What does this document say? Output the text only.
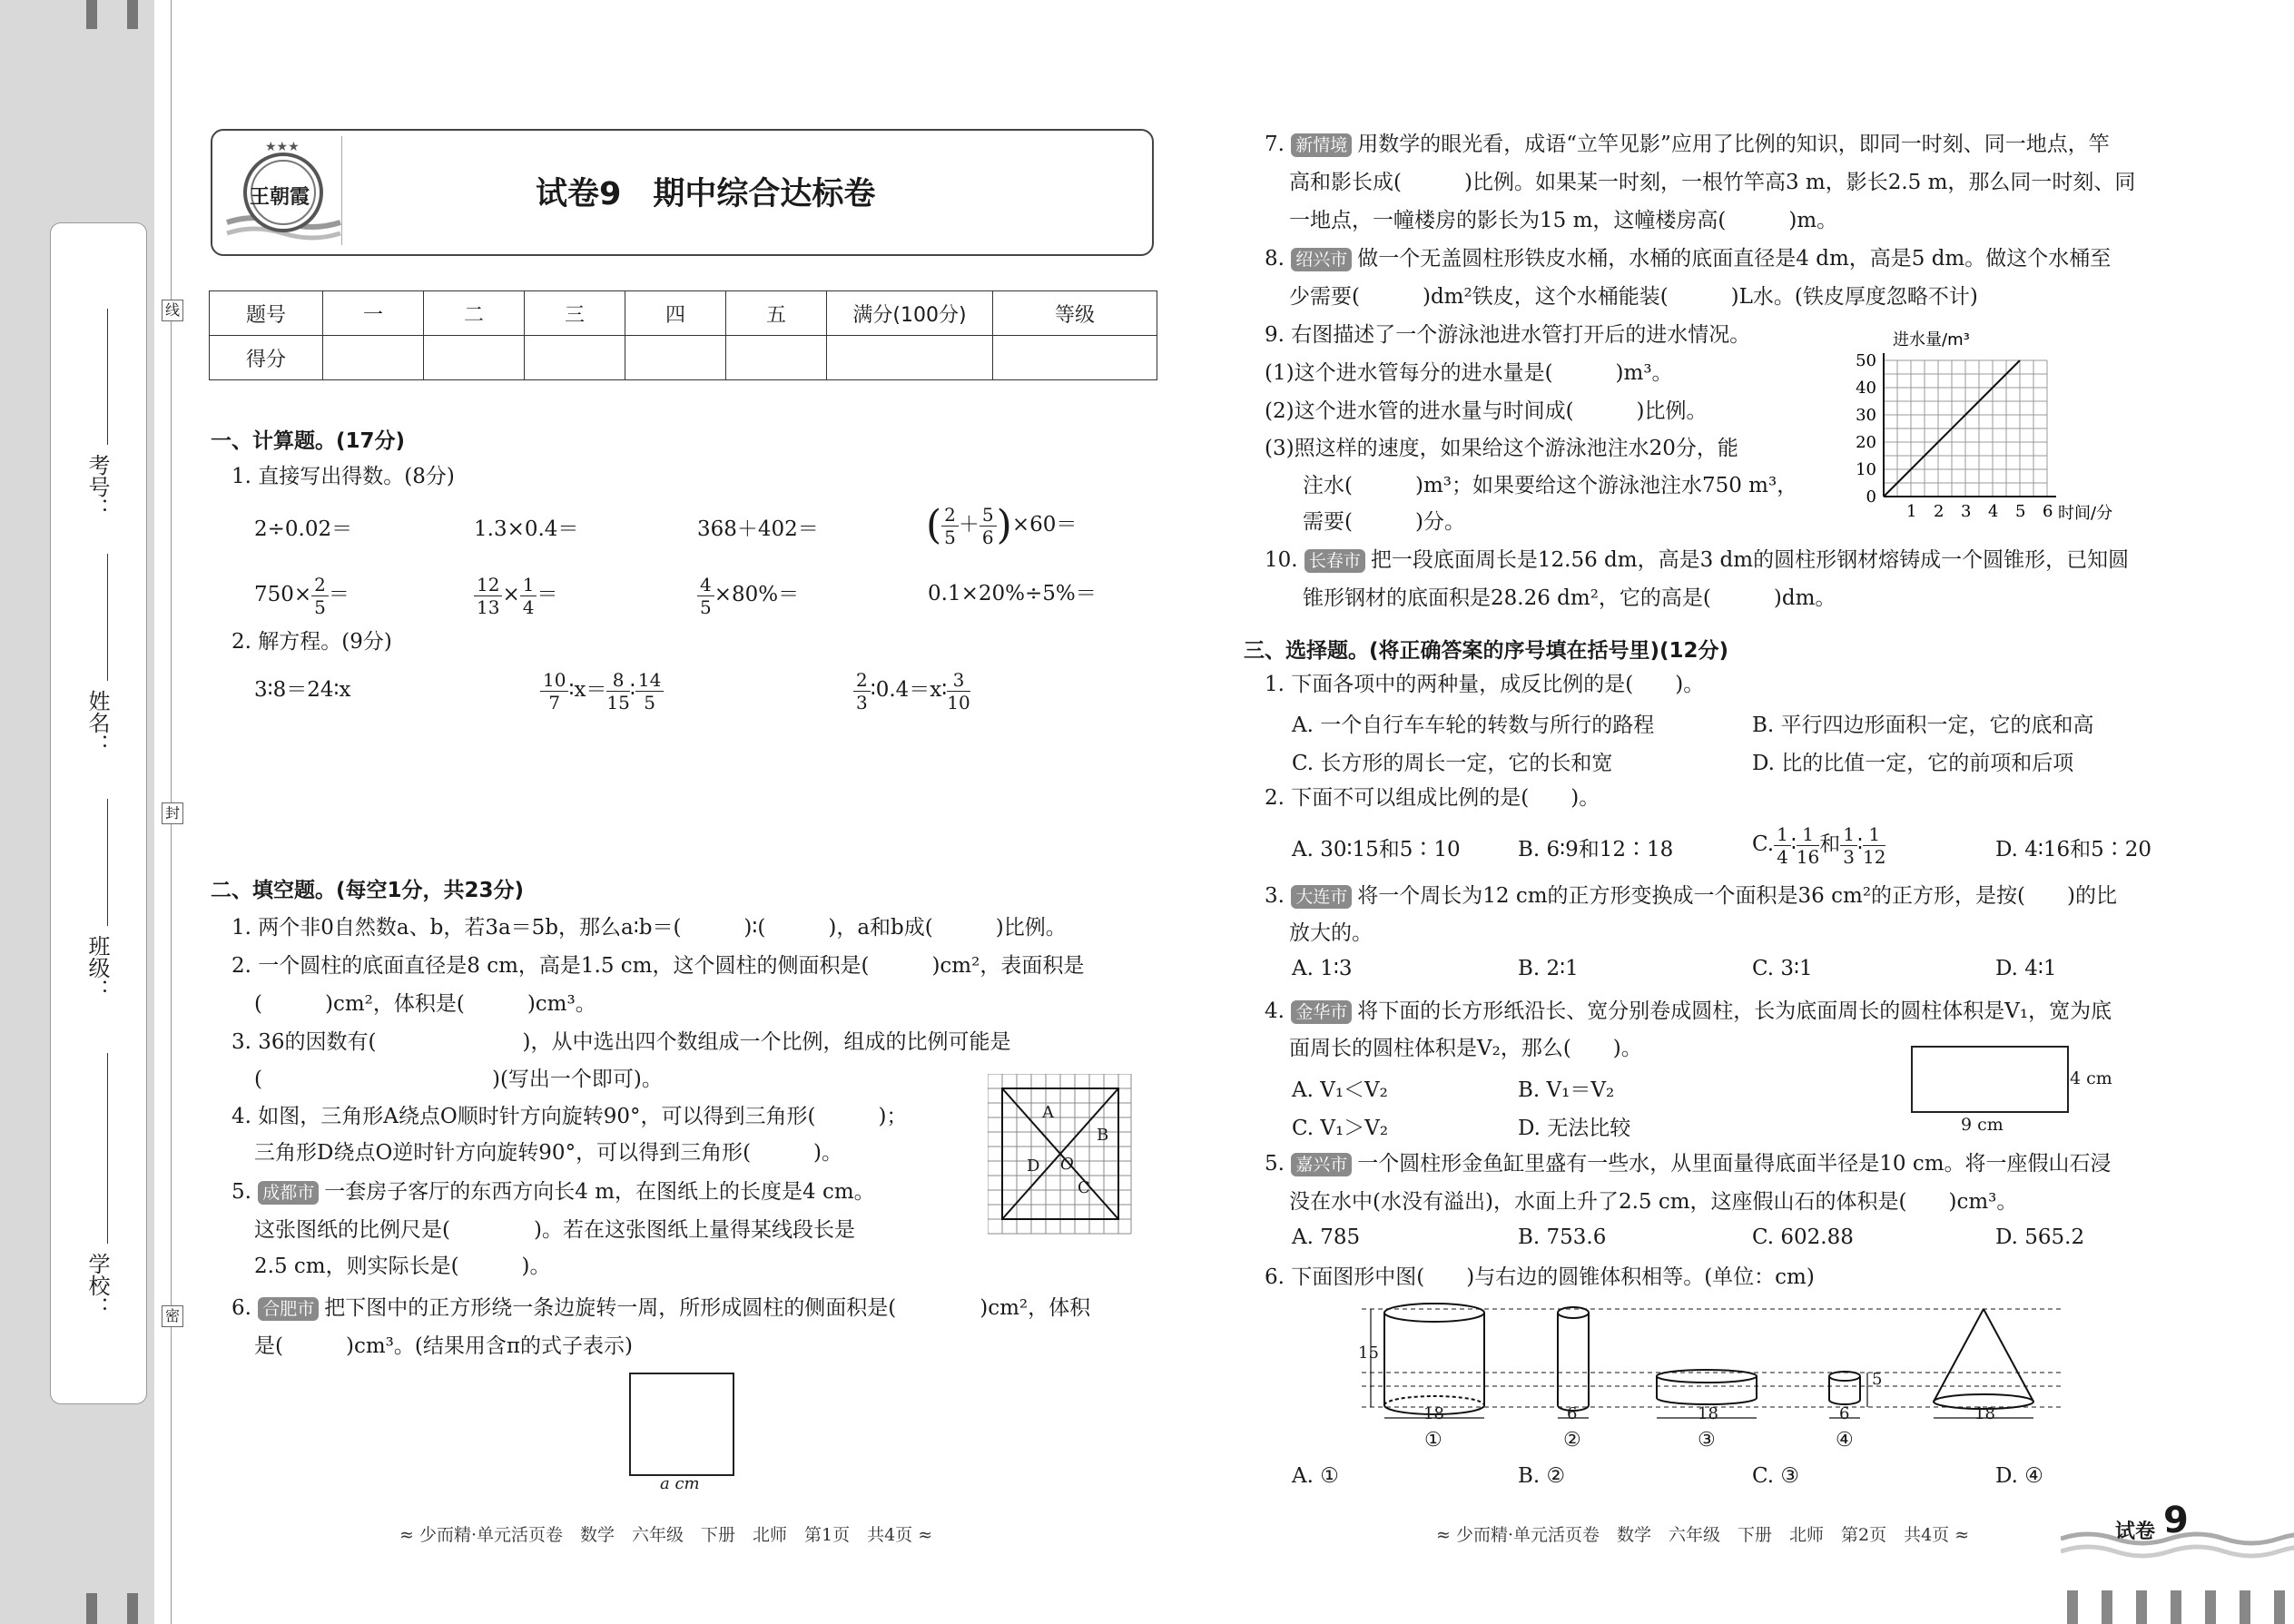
考号：
姓名：
班级：
学校：
线
封
密
★★★
王朝霞	试卷9　期中综合达标卷
题号	一	二	三	四	五	满分(100分)	等级
得分							
一、计算题。(17分)
1. 直接写出得数。(8分)
2÷0.02＝	1.3×0.4＝	368＋402＝	( $\frac{2}{5} + \frac{5}{6} )\times 60=$
$750\times \frac{2}{5}$ ＝	$\frac{12}{13} \times \frac{1}{4}$ ＝	$\frac{4}{5} \times 80\%=$	0.1×20%÷5%＝
2. 解方程。(9分)
3∶8＝24∶x	$\frac{10}{7}$ ∶x＝ $\frac{8}{15}$ ∶ $\frac{14}{5}$	$\frac{2}{3}$ ∶0.4＝x∶ $\frac{3}{10}$
二、填空题。(每空1分，共23分)
1. 两个非0自然数a、b，若3a＝5b，那么a∶b＝(　　　)∶(　　　)，a和b成(　　　)比例。
2. 一个圆柱的底面直径是8 cm，高是1.5 cm，这个圆柱的侧面积是(　　　)cm²，表面积是
(　　　)cm²，体积是(　　　)cm³。
3. 36的因数有(　　　　　　　)，从中选出四个数组成一个比例，组成的比例可能是
(　　　　　　　　　　　)(写出一个即可)。
4. 如图，三角形A绕点O顺时针方向旋转90°，可以得到三角形(　　　)；
三角形D绕点O逆时针方向旋转90°，可以得到三角形(　　　)。
5. 成都市 一套房子客厅的东西方向长4 m，在图纸上的长度是4 cm。
这张图纸的比例尺是(　　　　)。若在这张图纸上量得某线段长是
2.5 cm，则实际长是(　　　)。
6. 合肥市 把下图中的正方形绕一条边旋转一周，所形成圆柱的侧面积是(　　　　)cm²，体积
是(　　　)cm³。(结果用含π的式子表示)
A
B
C
D O
a cm
≈ 少而精·单元活页卷　数学　六年级　下册　北师　第1页　共4页 ≈
7. 新情境 用数学的眼光看，成语“立竿见影”应用了比例的知识，即同一时刻、同一地点，竿
高和影长成(　　　)比例。如果某一时刻，一根竹竿高3 m，影长2.5 m，那么同一时刻、同
一地点，一幢楼房的影长为15 m，这幢楼房高(　　　)m。
8. 绍兴市 做一个无盖圆柱形铁皮水桶，水桶的底面直径是4 dm，高是5 dm。做这个水桶至
少需要(　　　)dm²铁皮，这个水桶能装(　　　)L水。(铁皮厚度忽略不计)
9. 右图描述了一个游泳池进水管打开后的进水情况。
(1)这个进水管每分的进水量是(　　　)m³。
(2)这个进水管的进水量与时间成(　　　)比例。
(3)照这样的速度，如果给这个游泳池注水20分，能
注水(　　　)m³；如果要给这个游泳池注水750 m³，
需要(　　　)分。	1 2 3 4 5 6
0
10
20
30
40
50
进水量/m³
时间/分
10. 长春市 把一段底面周长是12.56 dm，高是3 dm的圆柱形钢材熔铸成一个圆锥形，已知圆
锥形钢材的底面积是28.26 dm²，它的高是(　　　)dm。
三、选择题。(将正确答案的序号填在括号里)(12分)
1. 下面各项中的两种量，成反比例的是(　　)。
A. 一个自行车车轮的转数与所行的路程	B. 平行四边形面积一定，它的底和高
C. 长方形的周长一定，它的长和宽	D. 比的比值一定，它的前项和后项
2. 下面不可以组成比例的是(　　)。
A. 30∶15和5∶10	B. 6∶9和12∶18	C. $\frac{1}{4}$ ∶ $\frac{1}{16}$ 和 $\frac{1}{3}$ ∶ $\frac{1}{12}$	D. 4∶16和5∶20
3. 大连市 将一个周长为12 cm的正方形变换成一个面积是36 cm²的正方形，是按(　　)的比
放大的。
A. 1∶3	B. 2∶1	C. 3∶1	D. 4∶1
4. 金华市 将下面的长方形纸沿长、宽分别卷成圆柱，长为底面周长的圆柱体积是V₁，宽为底
面周长的圆柱体积是V₂，那么(　　)。
A. V₁＜V₂	B. V₁＝V₂
C. V₁＞V₂	D. 无法比较
4 cm
9 cm
5. 嘉兴市 一个圆柱形金鱼缸里盛有一些水，从里面量得底面半径是10 cm。将一座假山石浸
没在水中(水没有溢出)，水面上升了2.5 cm，这座假山石的体积是(　　)cm³。
A. 785	B. 753.6	C. 602.88	D. 565.2
6. 下面图形中图(　　)与右边的圆锥体积相等。(单位：cm)
15
18	6	18	6
5
18
①	②	③	④
A. ①	B. ②	C. ③	D. ④
≈ 少而精·单元活页卷　数学　六年级　下册　北师　第2页　共4页 ≈	试卷 9
